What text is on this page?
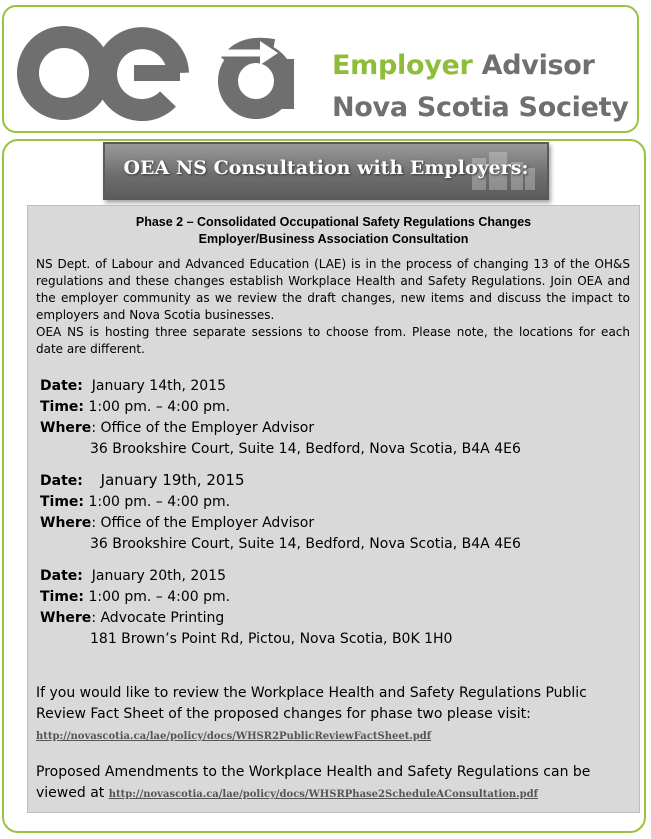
Employer Advisor
Nova Scotia Society
OEA NS Consultation with Employers:
Phase 2 – Consolidated Occupational Safety Regulations Changes
Employer/Business Association Consultation

NS Dept. of Labour and Advanced Education (LAE) is in the process of changing 13 of the OH&S regulations and these changes establish Workplace Health and Safety Regulations. Join OEA and the employer community as we review the draft changes, new items and discuss the impact to employers and Nova Scotia businesses.

OEA NS is hosting three separate sessions to choose from. Please note, the locations for each date are different.

Date: January 14th, 2015
Time: 1:00 pm. – 4:00 pm.
Where: Office of the Employer Advisor
36 Brookshire Court, Suite 14, Bedford, Nova Scotia, B4A 4E6
Date: January 19th, 2015
Time: 1:00 pm. – 4:00 pm.
Where: Office of the Employer Advisor
36 Brookshire Court, Suite 14, Bedford, Nova Scotia, B4A 4E6
Date: January 20th, 2015
Time: 1:00 pm. – 4:00 pm.
Where: Advocate Printing
181 Brown’s Point Rd, Pictou, Nova Scotia, B0K 1H0
If you would like to review the Workplace Health and Safety Regulations Public Review Fact Sheet of the proposed changes for phase two please visit:
http://novascotia.ca/lae/policy/docs/WHSR2PublicReviewFactSheet.pdf
Proposed Amendments to the Workplace Health and Safety Regulations can be viewed at http://novascotia.ca/lae/policy/docs/WHSRPhase2ScheduleAConsultation.pdf
